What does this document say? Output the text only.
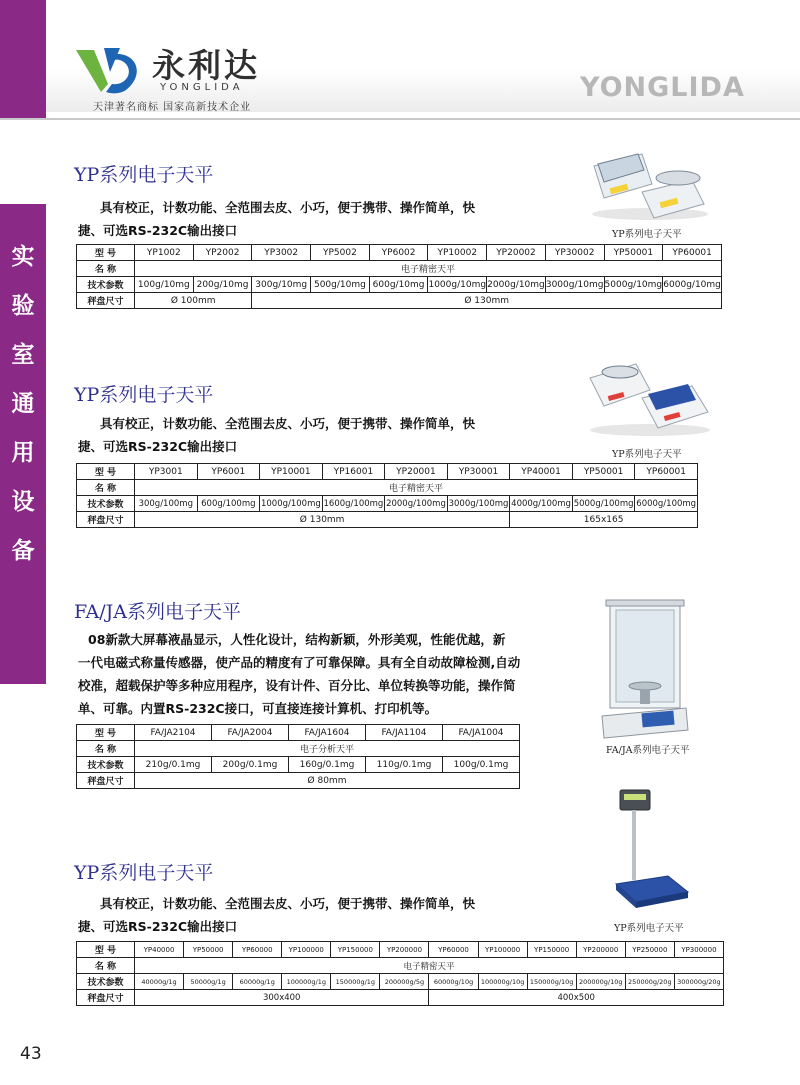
永利达
YONGLIDA
天津著名商标 国家高新技术企业
YONGLIDA
实
验
室
通
用
设
备
YP系列电子天平
具有校正，计数功能、全范围去皮、小巧，便于携带、操作简单，快
捷、可选RS-232C输出接口	YP系列电子天平
型 号	YP1002	YP2002	YP3002	YP5002	YP6002	YP10002	YP20002	YP30002	YP50001	YP60001
名 称	电子精密天平									
技术参数	100g/10mg	200g/10mg	300g/10mg	500g/10mg	600g/10mg	1000g/10mg	2000g/10mg	3000g/10mg	5000g/10mg	6000g/10mg
秤盘尺寸	Ø 100mm		Ø 130mm							
YP系列电子天平
具有校正，计数功能、全范围去皮、小巧，便于携带、操作简单，快
捷、可选RS-232C输出接口
YP系列电子天平
型 号	YP3001	YP6001	YP10001	YP16001	YP20001	YP30001	YP40001	YP50001	YP60001
名 称	电子精密天平								
技术参数	300g/100mg	600g/100mg	1000g/100mg	1600g/100mg	2000g/100mg	3000g/100mg	4000g/100mg	5000g/100mg	6000g/100mg
秤盘尺寸	Ø 130mm						165x165		
FA/JA系列电子天平
08新款大屏幕液晶显示，人性化设计，结构新颖，外形美观，性能优越，新
一代电磁式称量传感器，使产品的精度有了可靠保障。具有全自动故障检测,自动
校准，超载保护等多种应用程序，设有计件、百分比、单位转换等功能，操作简
单、可靠。内置RS-232C接口，可直接连接计算机、打印机等。
FA/JA系列电子天平
型 号	FA/JA2104	FA/JA2004	FA/JA1604	FA/JA1104	FA/JA1004
名 称	电子分析天平				
技术参数	210g/0.1mg	200g/0.1mg	160g/0.1mg	110g/0.1mg	100g/0.1mg
秤盘尺寸	Ø 80mm				
YP系列电子天平
具有校正，计数功能、全范围去皮、小巧，便于携带、操作简单，快
捷、可选RS-232C输出接口	YP系列电子天平
型 号	YP40000	YP50000	YP60000	YP100000	YP150000	YP200000	YP60000	YP100000	YP150000	YP200000	YP250000	YP300000
名 称	电子精密天平											
技术参数	40000g/1g	50000g/1g	60000g/1g	100000g/1g	150000g/1g	200000g/5g	60000g/10g	100000g/10g	150000g/10g	200000g/10g	250000g/20g	300000g/20g
秤盘尺寸	300x400						400x500					
43
